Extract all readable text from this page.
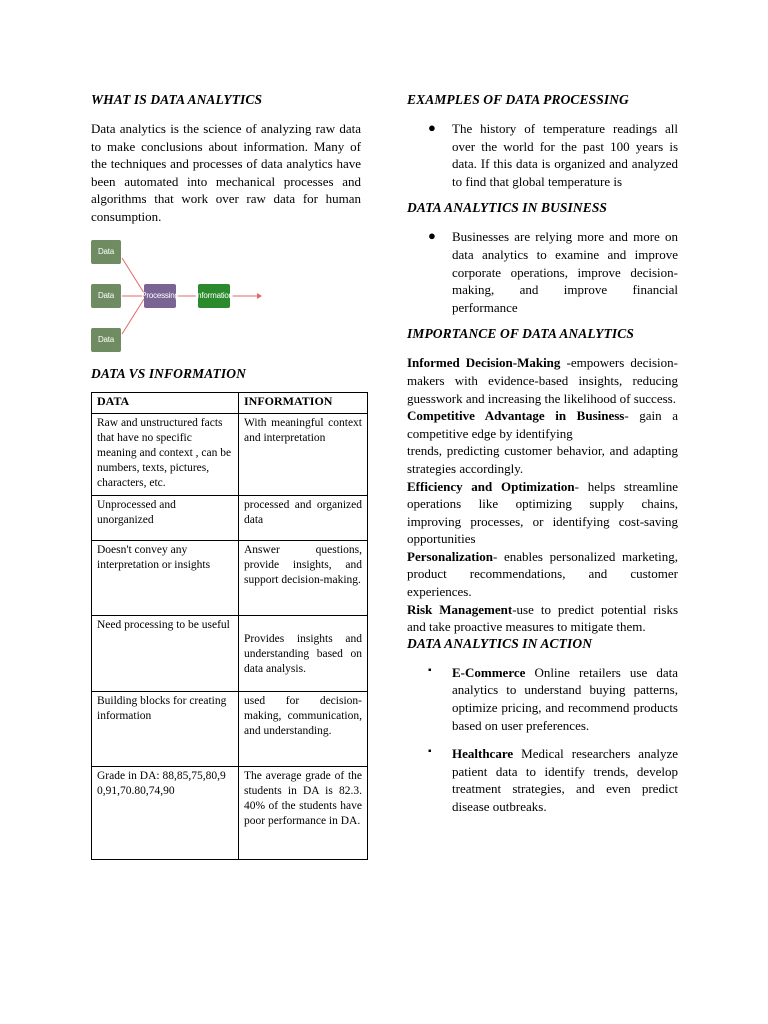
WHAT IS DATA ANALYTICS

Data analytics is the science of analyzing raw data to make conclusions about information. Many of the techniques and processes of data analytics have been automated into mechanical processes and algorithms that work over raw data for human consumption.

Data
Data
Data
Processing Information
DATA VS INFORMATION
DATA	INFORMATION
Raw and unstructured facts that have no specific meaning and context , can be numbers, texts, pictures, characters, etc.	With meaningful context and interpretation
Unprocessed and unorganized	processed and organized data
Doesn't convey any interpretation or insights	Answer questions, provide insights, and support decision-making.
Need processing to be useful	Provides insights and understanding based on data analysis.
Building blocks for creating information	used for decision-making, communication, and understanding.
Grade in DA: 88,85,75,80,90,91,70.80,74,90	The average grade of the students in DA is 82.3. 40% of the students have poor performance in DA.
EXAMPLES OF DATA PROCESSING
● The history of temperature readings all over the world for the past 100 years is data. If this data is organized and analyzed to find that global temperature is

DATA ANALYTICS IN BUSINESS
● Businesses are relying more and more on data analytics to examine and improve corporate operations, improve decision- making, and improve financial performance

IMPORTANCE OF DATA ANALYTICS

Informed Decision-Making -empowers decision-makers with evidence-based insights, reducing guesswork and increasing the likelihood of success.

Competitive Advantage in Business- gain a competitive edge by identifying

trends, predicting customer behavior, and adapting strategies accordingly.

Efficiency and Optimization- helps streamline operations like optimizing supply chains, improving processes, or identifying cost-saving opportunities

Personalization- enables personalized marketing, product recommendations, and customer experiences.

Risk Management-use to predict potential risks and take proactive measures to mitigate them.

DATA ANALYTICS IN ACTION
▪ E-Commerce Online retailers use data analytics to understand buying patterns, optimize pricing, and recommend products based on user preferences.

▪ Healthcare Medical researchers analyze patient data to identify trends, develop treatment strategies, and even predict disease outbreaks.
